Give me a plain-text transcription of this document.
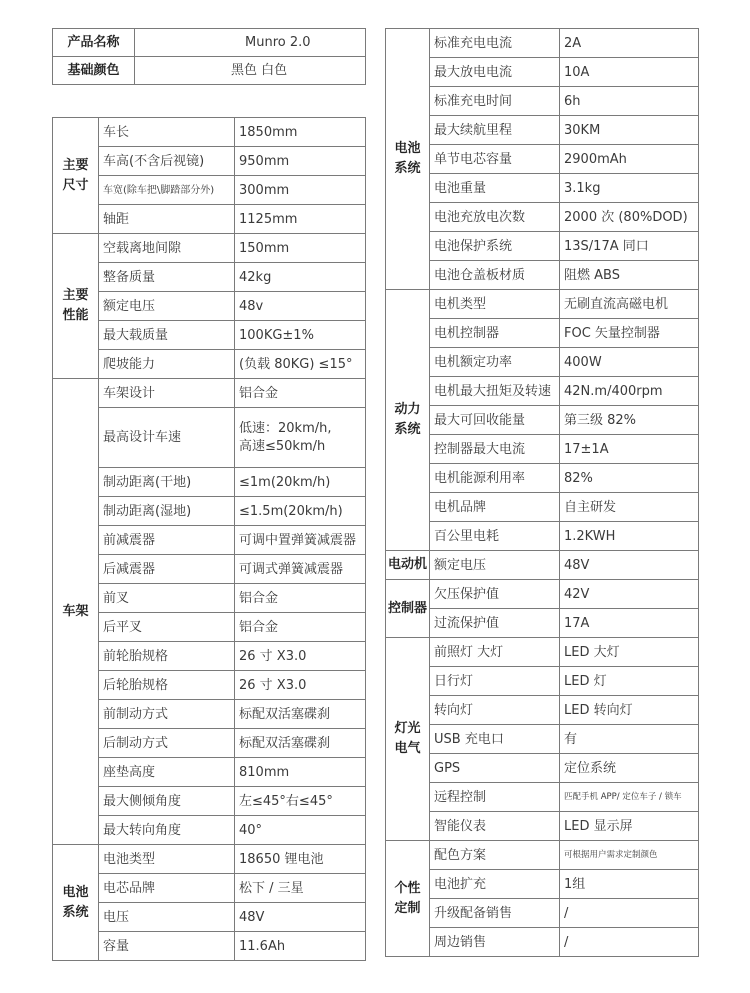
产品名称	Munro 2.0
基础颜色	黑色 白色
主要
尺寸	车长	1850mm
	车高(不含后视镜)	950mm
	车宽(除车把\脚踏部分外)	300mm
	轴距	1125mm

主要
性能	空载离地间隙	150mm
	整备质量	42kg
	额定电压	48v
	最大载质量	100KG±1%
	爬坡能力	(负载 80KG) ≤15°
车架	车架设计	铝合金
	最高设计车速	低速：20km/h,
高速≤50km/h
	制动距离(干地)	≤1m(20km/h)
	制动距离(湿地)	≤1.5m(20km/h)
	前减震器	可调中置弹簧减震器
	后减震器	可调式弹簧减震器
	前叉	铝合金
	后平叉	铝合金
	前轮胎规格	26 寸 X3.0
	后轮胎规格	26 寸 X3.0
	前制动方式	标配双活塞碟刹
	后制动方式	标配双活塞碟刹
	座垫高度	810mm
	最大侧倾角度	左≤45°右≤45°
	最大转向角度	40°

电池
系统	电池类型	18650 锂电池
	电芯品牌	松下 / 三星
	电压	48V
	容量	11.6Ah
电池
系统	标准充电电流	2A
	最大放电电流	10A
	标准充电时间	6h
	最大续航里程	30KM
	单节电芯容量	2900mAh
	电池重量	3.1kg
	电池充放电次数	2000 次 (80%DOD)
	电池保护系统	13S/17A 同口
	电池仓盖板材质	阻燃 ABS

动力
系统	电机类型	无刷直流高磁电机
	电机控制器	FOC 矢量控制器
	电机额定功率	400W
	电机最大扭矩及转速	42N.m/400rpm
	最大可回收能量	第三级 82%
	控制器最大电流	17±1A
	电机能源利用率	82%
	电机品牌	自主研发
	百公里电耗	1.2KWH
电动机	额定电压	48V
控制器	欠压保护值	42V
	过流保护值	17A

灯光
电气	前照灯 大灯	LED 大灯
	日行灯	LED 灯
	转向灯	LED 转向灯
	USB 充电口	有
	GPS	定位系统
	远程控制	匹配手机 APP/ 定位车子 / 锁车
	智能仪表	LED 显示屏

个性
定制	配色方案	可根据用户需求定制颜色
	电池扩充	1组
	升级配备销售	/
	周边销售	/
